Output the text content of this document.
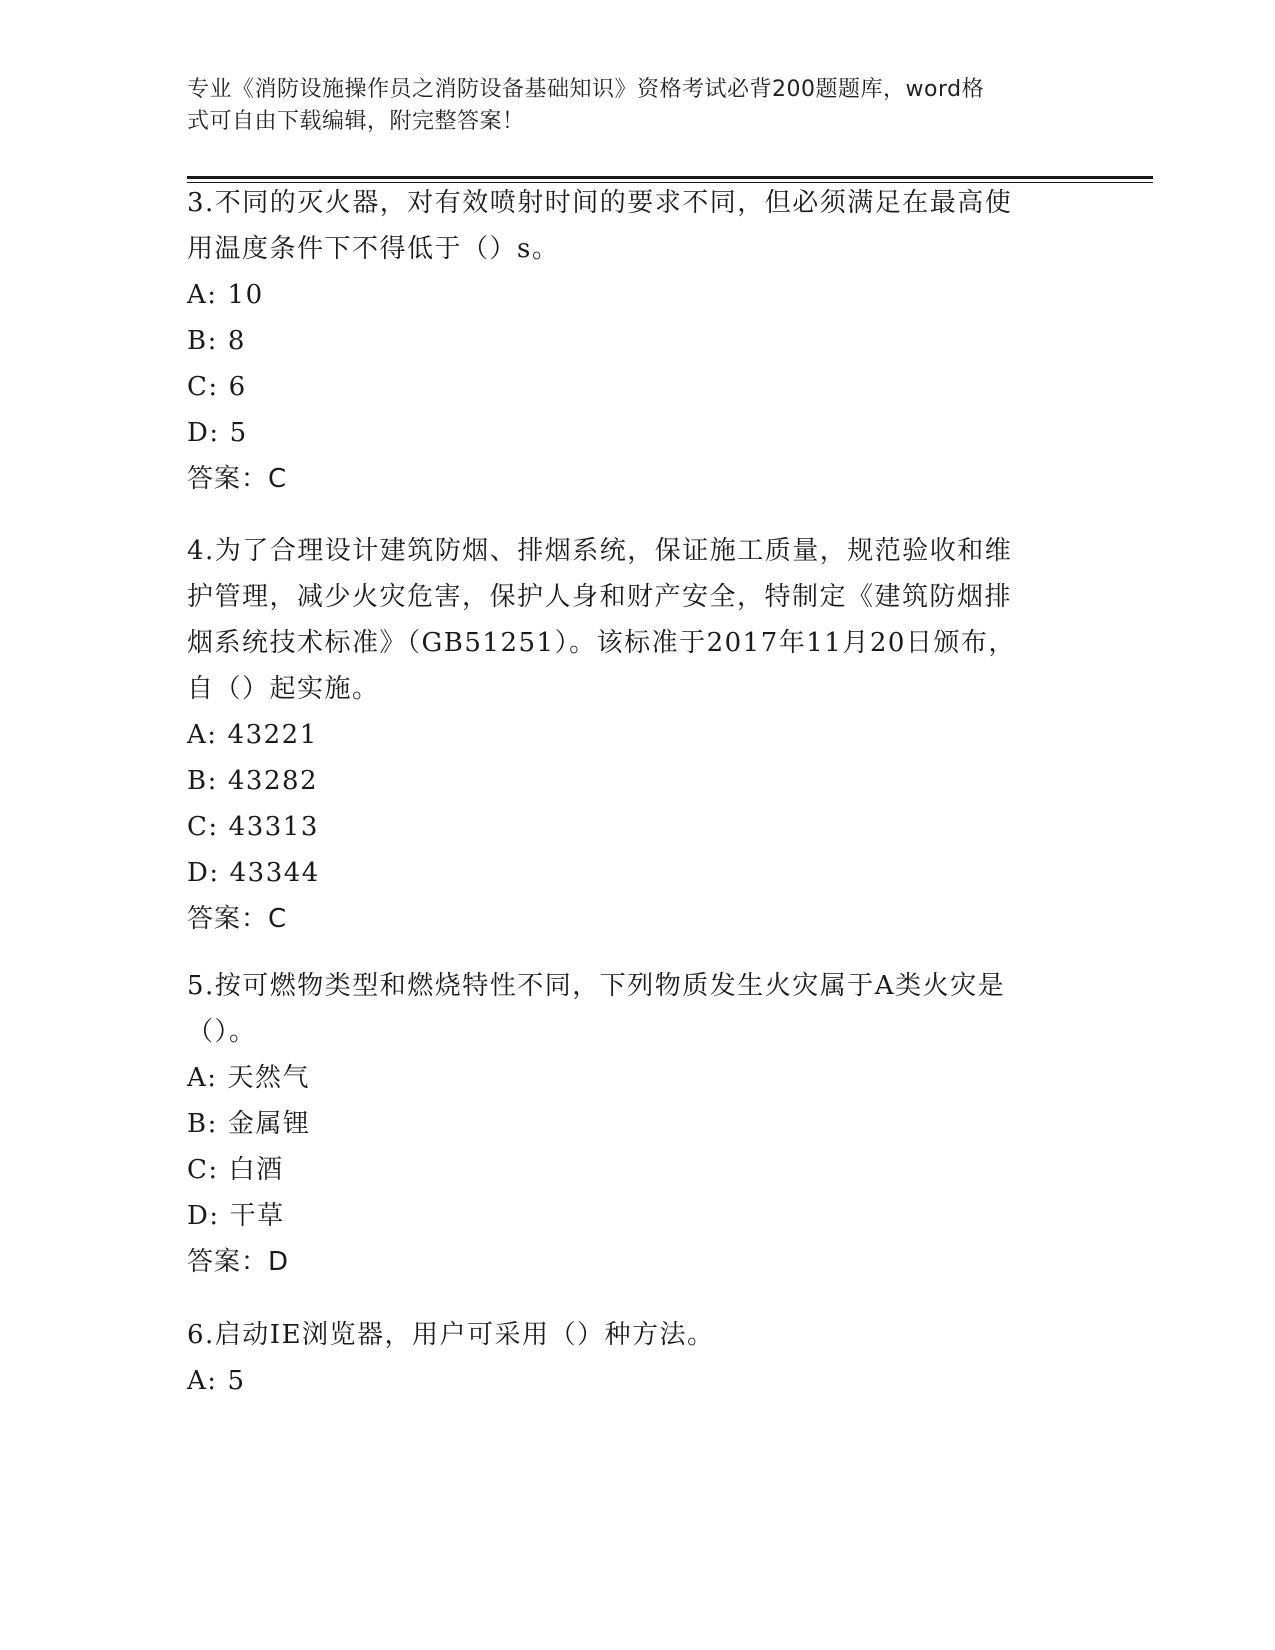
专业《消防设施操作员之消防设备基础知识》资格考试必背200题题库，word格
式可自由下载编辑，附完整答案！

3.不同的灭火器，对有效喷射时间的要求不同，但必须满足在最高使

用温度条件下不得低于（）s。

A: 10

B: 8

C: 6

D: 5

答案：C

4.为了合理设计建筑防烟、排烟系统，保证施工质量，规范验收和维

护管理，减少火灾危害，保护人身和财产安全，特制定《建筑防烟排

烟系统技术标准》（GB51251）。该标准于2017年11月20日颁布，

自（）起实施。

A: 43221

B: 43282

C: 43313

D: 43344

答案：C

5.按可燃物类型和燃烧特性不同，下列物质发生火灾属于A类火灾是

（）。

A: 天然气

B: 金属锂

C: 白酒

D: 干草

答案：D

6.启动IE浏览器，用户可采用（）种方法。

A: 5
